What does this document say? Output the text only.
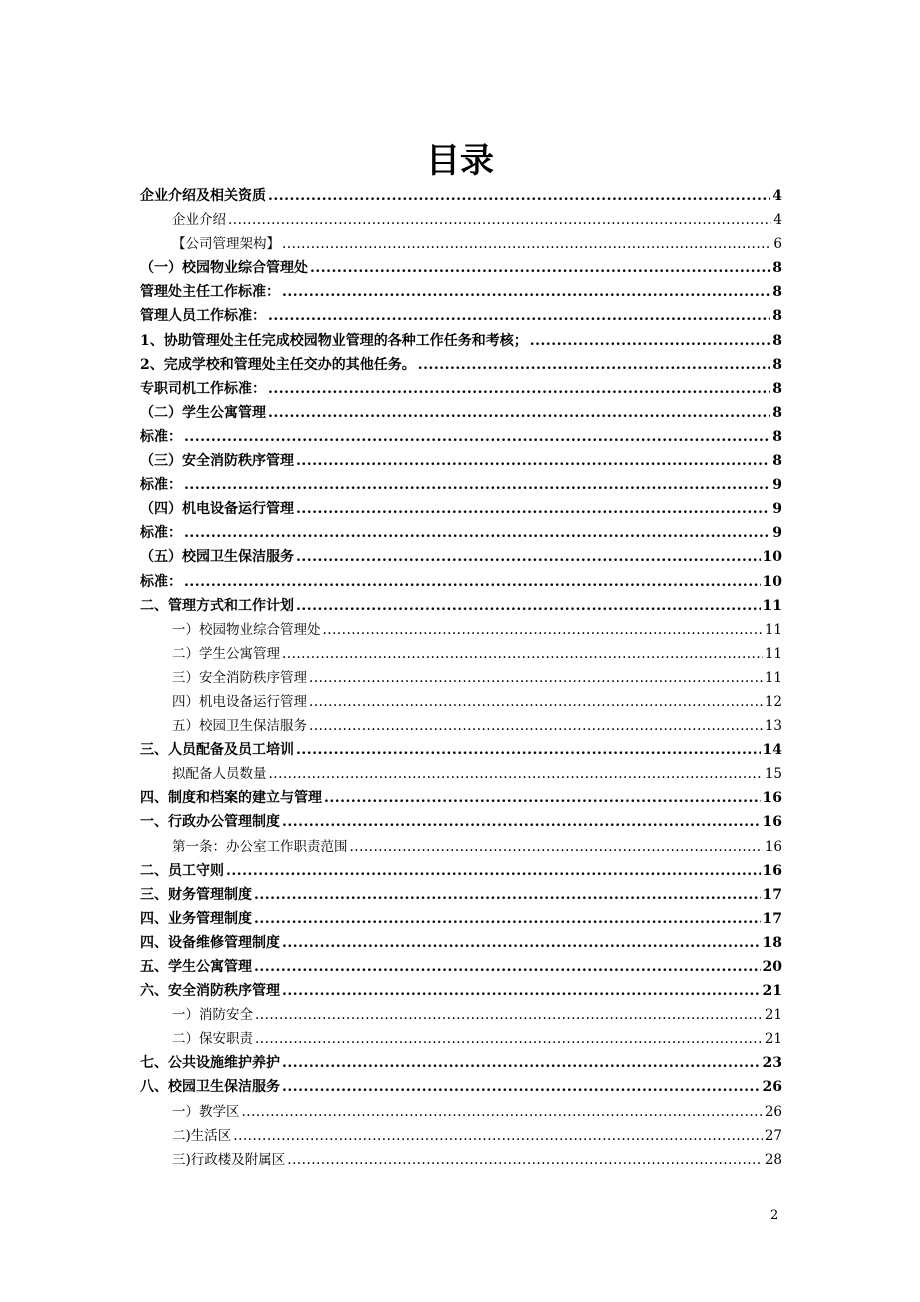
目录
企业介绍及相关资质 .....	4
企业介绍 .....	4
【公司管理架构】 .....	6
（一）校园物业综合管理处 .....	8
管理处主任工作标准： .....	8
管理人员工作标准： .....	8
1、协助管理处主任完成校园物业管理的各种工作任务和考核； .....	8
2、完成学校和管理处主任交办的其他任务。 .....	8
专职司机工作标准： .....	8
（二）学生公寓管理 .....	8
标准： .....	8
（三）安全消防秩序管理 .....	8
标准： .....	9
（四）机电设备运行管理 .....	9
标准： .....	9
（五）校园卫生保洁服务 .....	10
标准： .....	10
二、管理方式和工作计划 .....	11
一）校园物业综合管理处 .....	11
二）学生公寓管理 .....	11
三）安全消防秩序管理 .....	11
四）机电设备运行管理 .....	12
五）校园卫生保洁服务 .....	13
三、人员配备及员工培训 .....	14
拟配备人员数量 .....	15
四、制度和档案的建立与管理 .....	16
一、行政办公管理制度 .....	16
第一条：办公室工作职责范围 .....	16
二、员工守则 .....	16
三、财务管理制度 .....	17
四、业务管理制度 .....	17
四、设备维修管理制度 .....	18
五、学生公寓管理 .....	20
六、安全消防秩序管理 .....	21
一）消防安全 .....	21
二）保安职责 .....	21
七、公共设施维护养护 .....	23
八、校园卫生保洁服务 .....	26
一）教学区 .....	26
二)生活区 .....	27
三)行政楼及附属区 .....	28
2
